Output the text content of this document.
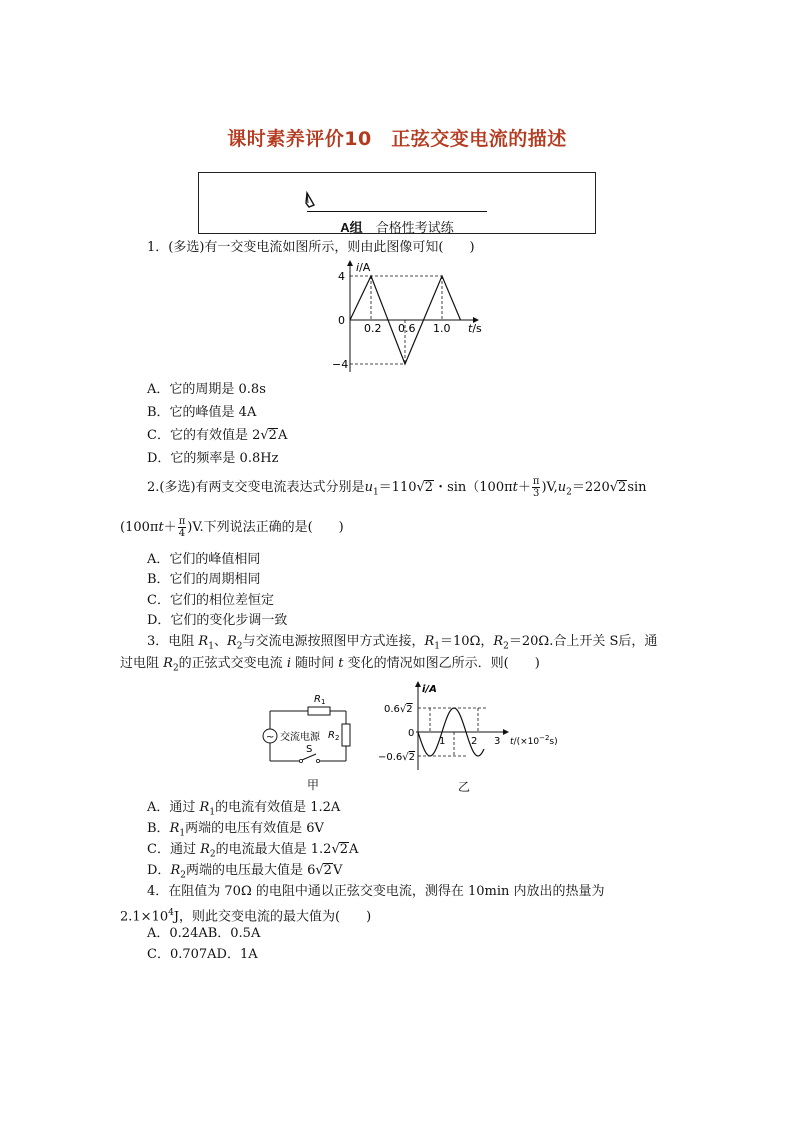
课时素养评价10　正弦交变电流的描述
A组　 合格性考试练
1．(多选)有一交变电流如图所示，则由此图像可知(　　)
i/A
4
0
−4
0.2 0.6 1.0 t/s
A．它的周期是 0.8s
B．它的峰值是 4A
C．它的有效值是 2√2A
D．它的频率是 0.8Hz
2.(多选)有两支交变电流表达式分别是$u_1=110√2$・$\sin(100\pi t+ \frac{\pi}{3} )V,u_2=220√2\sin$
$(100\pi t+ \frac{\pi}{4} )V$.下列说法正确的是(　　)
A．它们的峰值相同
B．它们的周期相同
C．它们的相位差恒定
D．它们的变化步调一致
3．电阻 $R_1$、$R_2$与交流电源按照图甲方式连接，$R_1=10\Omega$，$R_2=20\Omega$.合上开关 S后，通
过电阻 $R_2$的正弦式交变电流 i 随时间 t 变化的情况如图乙所示．则(　　)
~
$R_1$
$R_2$
交流电源
S
甲
i/A
0.6√2
0
−0.6√2
1	2 3 $t/(\times 10^{-2}s)$
乙
A．通过 $R_1$的电流有效值是 1.2A
B．$R_1$两端的电压有效值是 6V
C．通过 $R_2$的电流最大值是 1.2√2A
D．$R_2$两端的电压最大值是 6√2V
4．在阻值为 70Ω 的电阻中通以正弦交变电流，测得在 10min 内放出的热量为
$2.1\times 10^4J$，则此交变电流的最大值为(　　)
A．0.24AB．0.5A
C．0.707AD．1A
